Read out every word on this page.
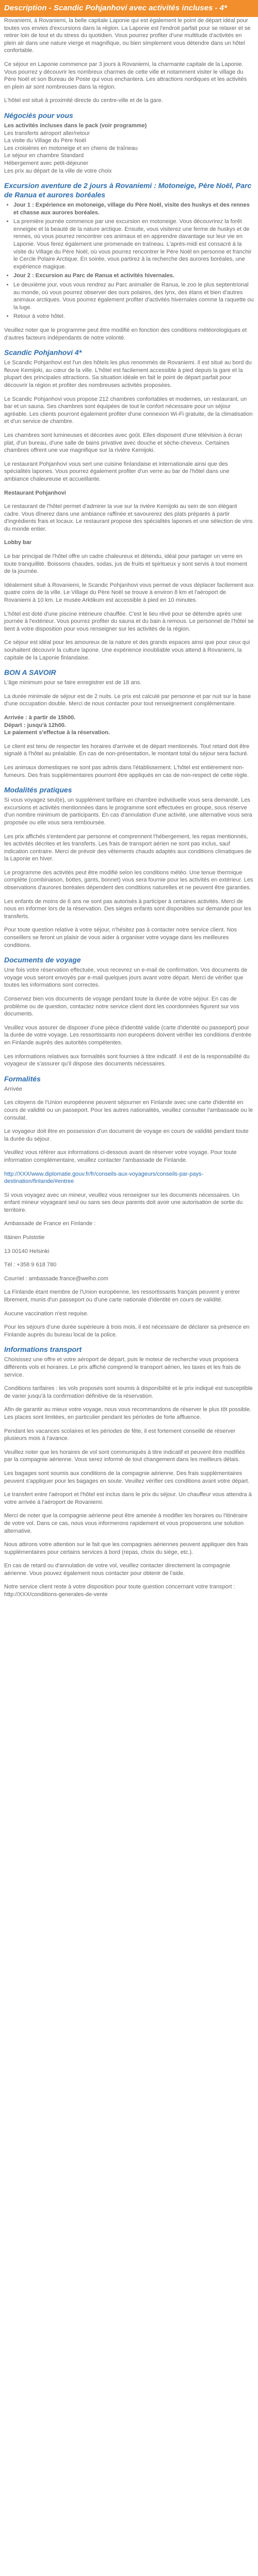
Description - Scandic Pohjanhovi avec activités incluses - 4*

Rovaniemi, à Rovaniemi, la belle capitale Laponie qui est également le point de départ idéal pour toutes vos envies d'excursions dans la région. La Laponie est l'endroit parfait pour se relaxer et se retirer loin de tout et du stress du quotidien. Vous pourrez profiter d'une multitude d'activités en plein air dans une nature vierge et magnifique, ou bien simplement vous détendre dans un hôtel confortable.

Ce séjour en Laponie commence par 3 jours à Rovaniemi, la charmante capitale de la Laponie. Vous pourrez y découvrir les nombreux charmes de cette ville et notamment visiter le village du Père Noël et son Bureau de Poste qui vous enchantera. Les attractions nordiques et les activités en plein air sont nombreuses dans la région.

L'hôtel est situé à proximité directe du centre-ville et de la gare.

Négociés pour vous

Les activités incluses dans le pack (voir programme)
Les transferts aéroport aller/retour
La visite du Village du Père Noël
Les croisières en motoneige et en chiens de traîneau
Le séjour en chambre Standard
Hébergement avec petit-déjeuner
Les prix au départ de la ville de votre choix

Excursion aventure de 2 jours à Rovaniemi : Motoneige, Père Noël, Parc de Ranua et aurores boréales
• Jour 1 : Expérience en motoneige, village du Père Noël, visite des huskys et des rennes et chasse aux aurores boréales.
• La première journée commence par une excursion en motoneige. Vous découvrirez la forêt enneigée et la beauté de la nature arctique. Ensuite, vous visiterez une ferme de huskys et de rennes, où vous pourrez rencontrer ces animaux et en apprendre davantage sur leur vie en Laponie. Vous ferez également une promenade en traîneau. L'après-midi est consacré à la visite du Village du Père Noël, où vous pourrez rencontrer le Père Noël en personne et franchir le Cercle Polaire Arctique. En soirée, vous partirez à la recherche des aurores boréales, une expérience magique.
• Jour 2 : Excursion au Parc de Ranua et activités hivernales.
• Le deuxième jour, vous vous rendrez au Parc animalier de Ranua, le zoo le plus septentrional au monde, où vous pourrez observer des ours polaires, des lynx, des élans et bien d'autres animaux arctiques. Vous pourrez également profiter d'activités hivernales comme la raquette ou la luge.
• Retour à votre hôtel.

Veuillez noter que le programme peut être modifié en fonction des conditions météorologiques et d'autres facteurs indépendants de notre volonté.

Scandic Pohjanhovi 4*

Le Scandic Pohjanhovi est l'un des hôtels les plus renommés de Rovaniemi. Il est situé au bord du fleuve Kemijoki, au cœur de la ville. L'hôtel est facilement accessible à pied depuis la gare et la plupart des principales attractions. Sa situation idéale en fait le point de départ parfait pour découvrir la région et profiter des nombreuses activités proposées.

Le Scandic Pohjanhovi vous propose 212 chambres confortables et modernes, un restaurant, un bar et un sauna. Ses chambres sont équipées de tout le confort nécessaire pour un séjour agréable. Les clients pourront également profiter d'une connexion Wi-Fi gratuite, de la climatisation et d'un service de chambre.

Les chambres sont lumineuses et décorées avec goût. Elles disposent d'une télévision à écran plat, d'un bureau, d'une salle de bains privative avec douche et sèche-cheveux. Certaines chambres offrent une vue magnifique sur la rivière Kemijoki.

Le restaurant Pohjanhovi vous sert une cuisine finlandaise et internationale ainsi que des spécialités lapones. Vous pourrez également profiter d'un verre au bar de l'hôtel dans une ambiance chaleureuse et accueillante.

Restaurant Pohjanhovi

Le restaurant de l'hôtel permet d'admirer la vue sur la rivière Kemijoki au sein de son élégant cadre. Vous dînerez dans une ambiance raffinée et savourerez des plats préparés à partir d'ingrédients frais et locaux. Le restaurant propose des spécialités lapones et une sélection de vins du monde entier.

Lobby bar

Le bar principal de l'hôtel offre un cadre chaleureux et détendu, idéal pour partager un verre en toute tranquillité. Boissons chaudes, sodas, jus de fruits et spiritueux y sont servis à tout moment de la journée.

Idéalement situé à Rovaniemi, le Scandic Pohjanhovi vous permet de vous déplacer facilement aux quatre coins de la ville. Le Village du Père Noël se trouve à environ 8 km et l'aéroport de Rovaniemi à 10 km. Le musée Arktikum est accessible à pied en 10 minutes.

L'hôtel est doté d'une piscine intérieure chauffée. C'est le lieu rêvé pour se détendre après une journée à l'extérieur. Vous pourrez profiter du sauna et du bain à remous. Le personnel de l'hôtel se tient à votre disposition pour vous renseigner sur les activités de la région.

Ce séjour est idéal pour les amoureux de la nature et des grands espaces ainsi que pour ceux qui souhaitent découvrir la culture lapone. Une expérience inoubliable vous attend à Rovaniemi, la capitale de la Laponie finlandaise.

BON A SAVOIR

L'âge minimum pour se faire enregistrer est de 18 ans.

La durée minimale de séjour est de 2 nuits. Le prix est calculé par personne et par nuit sur la base d'une occupation double. Merci de nous contacter pour tout renseignement complémentaire.

Arrivée : à partir de 15h00.
Départ : jusqu'à 12h00.
Le paiement s'effectue à la réservation.

Le client est tenu de respecter les horaires d'arrivée et de départ mentionnés. Tout retard doit être signalé à l'hôtel au préalable. En cas de non-présentation, le montant total du séjour sera facturé.

Les animaux domestiques ne sont pas admis dans l'établissement. L'hôtel est entièrement non-fumeurs. Des frais supplémentaires pourront être appliqués en cas de non-respect de cette règle.

Modalités pratiques

Si vous voyagez seul(e), un supplément tarifaire en chambre individuelle vous sera demandé. Les excursions et activités mentionnées dans le programme sont effectuées en groupe, sous réserve d'un nombre minimum de participants. En cas d'annulation d'une activité, une alternative vous sera proposée ou elle vous sera remboursée.

Les prix affichés s'entendent par personne et comprennent l'hébergement, les repas mentionnés, les activités décrites et les transferts. Les frais de transport aérien ne sont pas inclus, sauf indication contraire. Merci de prévoir des vêtements chauds adaptés aux conditions climatiques de la Laponie en hiver.

Le programme des activités peut être modifié selon les conditions météo. Une tenue thermique complète (combinaison, bottes, gants, bonnet) vous sera fournie pour les activités en extérieur. Les observations d'aurores boréales dépendent des conditions naturelles et ne peuvent être garanties.

Les enfants de moins de 6 ans ne sont pas autorisés à participer à certaines activités. Merci de nous en informer lors de la réservation. Des sièges enfants sont disponibles sur demande pour les transferts.

Pour toute question relative à votre séjour, n'hésitez pas à contacter notre service client. Nos conseillers se feront un plaisir de vous aider à organiser votre voyage dans les meilleures conditions.

Documents de voyage

Une fois votre réservation effectuée, vous recevrez un e-mail de confirmation. Vos documents de voyage vous seront envoyés par e-mail quelques jours avant votre départ. Merci de vérifier que toutes les informations sont correctes.

Conservez bien vos documents de voyage pendant toute la durée de votre séjour. En cas de problème ou de question, contactez notre service client dont les coordonnées figurent sur vos documents.

Veuillez vous assurer de disposer d'une pièce d'identité valide (carte d'identité ou passeport) pour la durée de votre voyage. Les ressortissants non européens doivent vérifier les conditions d'entrée en Finlande auprès des autorités compétentes.

Les informations relatives aux formalités sont fournies à titre indicatif. Il est de la responsabilité du voyageur de s'assurer qu'il dispose des documents nécessaires.

Formalités

Arrivée

Les citoyens de l'Union européenne peuvent séjourner en Finlande avec une carte d'identité en cours de validité ou un passeport. Pour les autres nationalités, veuillez consulter l'ambassade ou le consulat.

Le voyageur doit être en possession d'un document de voyage en cours de validité pendant toute la durée du séjour.

Veuillez vous référer aux informations ci-dessous avant de réserver votre voyage. Pour toute information complémentaire, veuillez contacter l'ambassade de Finlande.

http://XXX/www.diplomatie.gouv.fr/fr/conseils-aux-voyageurs/conseils-par-pays-destination/finlande/#entree

Si vous voyagez avec un mineur, veuillez vous renseigner sur les documents nécessaires. Un enfant mineur voyageant seul ou sans ses deux parents doit avoir une autorisation de sortie du territoire.

Ambassade de France en Finlande :

Itäinen Puistotie

13 00140 Helsinki

Tél : +358 9 618 780

Courriel : ambassade.france@welho.com

La Finlande étant membre de l'Union européenne, les ressortissants français peuvent y entrer librement, munis d'un passeport ou d'une carte nationale d'identité en cours de validité.

Aucune vaccination n'est requise.

Pour les séjours d'une durée supérieure à trois mois, il est nécessaire de déclarer sa présence en Finlande auprès du bureau local de la police.

Informations transport

Choisissez une offre et votre aéroport de départ, puis le moteur de recherche vous proposera différents vols et horaires. Le prix affiché comprend le transport aérien, les taxes et les frais de service.

Conditions tarifaires : les vols proposés sont soumis à disponibilité et le prix indiqué est susceptible de varier jusqu'à la confirmation définitive de la réservation.

Afin de garantir au mieux votre voyage, nous vous recommandons de réserver le plus tôt possible. Les places sont limitées, en particulier pendant les périodes de forte affluence.

Pendant les vacances scolaires et les périodes de fête, il est fortement conseillé de réserver plusieurs mois à l'avance.

Veuillez noter que les horaires de vol sont communiqués à titre indicatif et peuvent être modifiés par la compagnie aérienne. Vous serez informé de tout changement dans les meilleurs délais.

Les bagages sont soumis aux conditions de la compagnie aérienne. Des frais supplémentaires peuvent s'appliquer pour les bagages en soute. Veuillez vérifier ces conditions avant votre départ.

Le transfert entre l'aéroport et l'hôtel est inclus dans le prix du séjour. Un chauffeur vous attendra à votre arrivée à l'aéroport de Rovaniemi.

Merci de noter que la compagnie aérienne peut être amenée à modifier les horaires ou l'itinéraire de votre vol. Dans ce cas, nous vous informerons rapidement et vous proposerons une solution alternative.

Nous attirons votre attention sur le fait que les compagnies aériennes peuvent appliquer des frais supplémentaires pour certains services à bord (repas, choix du siège, etc.).

En cas de retard ou d'annulation de votre vol, veuillez contacter directement la compagnie aérienne. Vous pouvez également nous contacter pour obtenir de l'aide.

Notre service client reste à votre disposition pour toute question concernant votre transport : http://XXX/conditions-generales-de-vente
